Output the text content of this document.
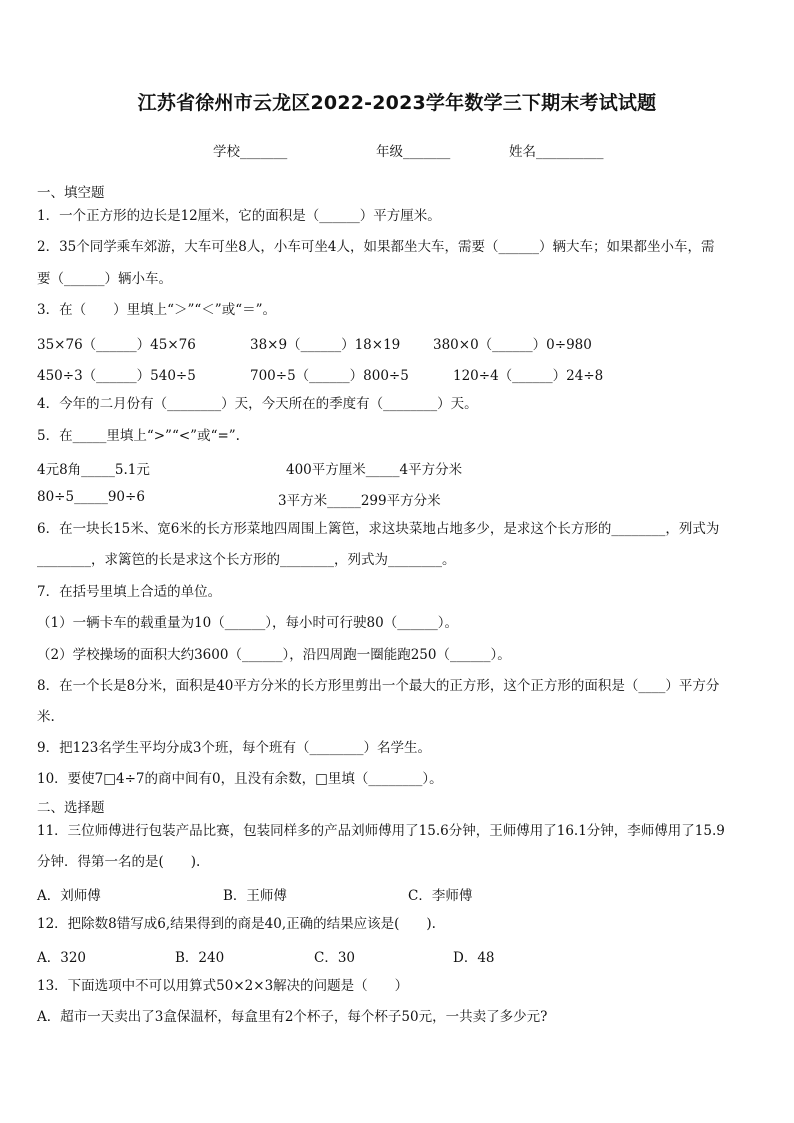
江苏省徐州市云龙区2022-2023学年数学三下期末考试试题
学校_______	年级_______	姓名__________
一、填空题
1．一个正方形的边长是12厘米，它的面积是（______）平方厘米。
2．35个同学乘车郊游，大车可坐8人，小车可坐4人，如果都坐大车，需要（______）辆大车；如果都坐小车，需
要（______）辆小车。
3．在（　　）里填上“＞”“＜”或“＝”。
35×76（______）45×76	38×9（______）18×19 380×0（______）0÷980
450÷3（______）540÷5	700÷5（______）800÷5	120÷4（______）24÷8
4．今年的二月份有（________）天，今天所在的季度有（________）天。
5．在_____里填上“>”“<”或“=”.
4元8角_____5.1元	400平方厘米_____4平方分米
80÷5_____90÷6	3平方米_____299平方分米
6．在一块长15米、宽6米的长方形菜地四周围上篱笆，求这块菜地占地多少，是求这个长方形的________，列式为
________，求篱笆的长是求这个长方形的________，列式为________。
7．在括号里填上合适的单位。
（1）一辆卡车的载重量为10（______），每小时可行驶80（______）。
（2）学校操场的面积大约3600（______），沿四周跑一圈能跑250（______）。
8．在一个长是8分米，面积是40平方分米的长方形里剪出一个最大的正方形，这个正方形的面积是（____）平方分
米.
9．把123名学生平均分成3个班，每个班有（________）名学生。
10．要使7□4÷7的商中间有0，且没有余数，□里填（________）。
二、选择题
11．三位师傅进行包装产品比赛，包装同样多的产品刘师傅用了15.6分钟，王师傅用了16.1分钟，李师傅用了15.9
分钟．得第一名的是(　　).
A．刘师傅	B．王师傅	C．李师傅
12．把除数8错写成6,结果得到的商是40,正确的结果应该是(　　).
A．320	B．240	C．30	D．48
13．下面选项中不可以用算式50×2×3解决的问题是（　　）
A．超市一天卖出了3盒保温杯，每盒里有2个杯子，每个杯子50元，一共卖了多少元?
